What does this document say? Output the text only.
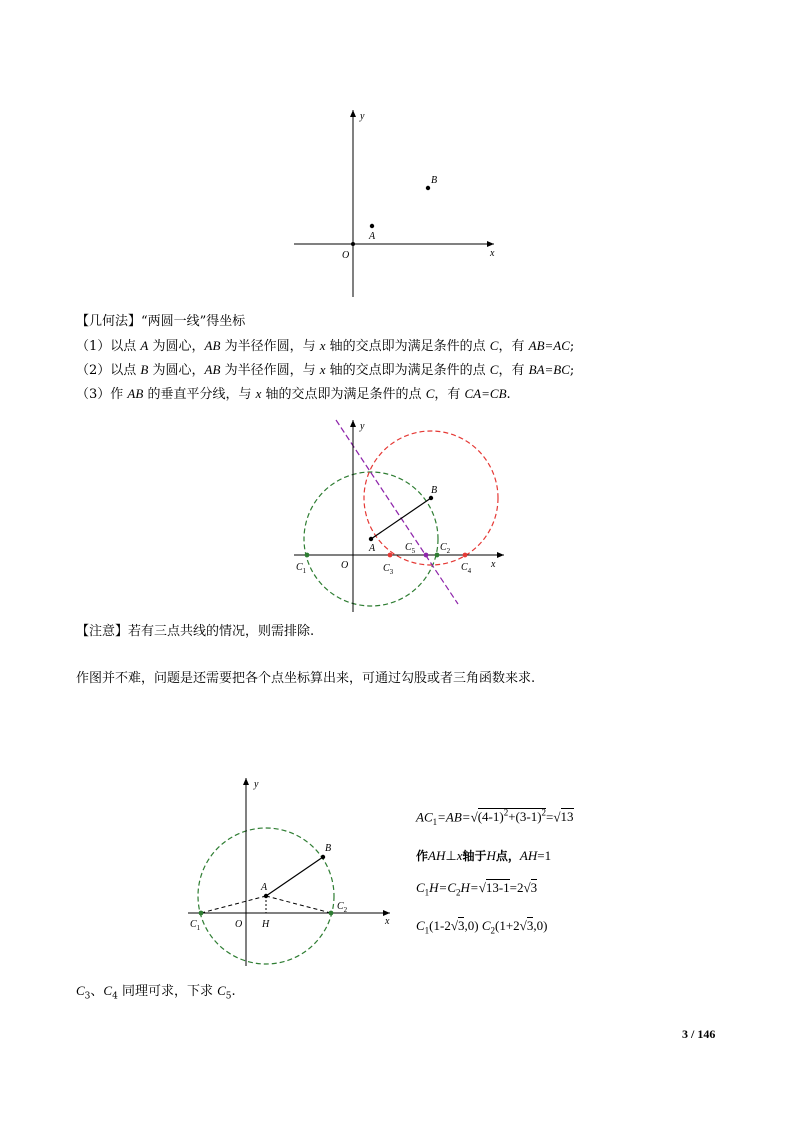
y
x
O
A
B
【几何法】“两圆一线”得坐标
（1）以点 A 为圆心，AB 为半径作圆，与 x 轴的交点即为满足条件的点 C，有 AB=AC;
（2）以点 B 为圆心，AB 为半径作圆，与 x 轴的交点即为满足条件的点 C，有 BA=BC;
（3）作 AB 的垂直平分线，与 x 轴的交点即为满足条件的点 C，有 CA=CB.
y
x
O
A
B
$C_1$	$C_3$
$C_5$ $C_2$
$C_4$
【注意】若有三点共线的情况，则需排除.
作图并不难，问题是还需要把各个点坐标算出来，可通过勾股或者三角函数来求.
y
x
O
A
B
H
$C_1$
$C_2$
$AC_1=AB=√(4-1)^2+(3-1)^2=√13$
作AH⊥x轴于H点，AH=1
$C_1H=C_2H=√13-1=2√3$
$C_1(1-2√3,0)$ $C_2(1+2√3,0)$
$C_3$、$C_4$ 同理可求，下求 $C_5$.
3 / 146
